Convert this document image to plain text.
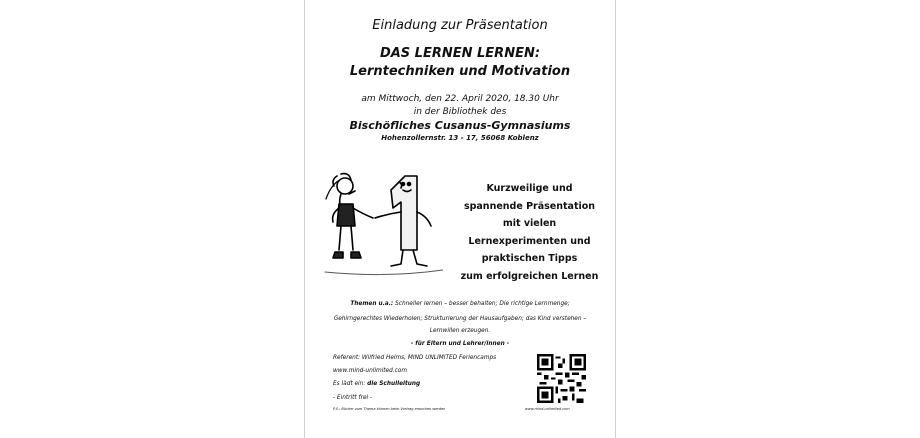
Einladung zur Präsentation
DAS LERNEN LERNEN:
Lerntechniken und Motivation
am Mittwoch, den 22. April 2020, 18.30 Uhr
in der Bibliothek des
Bischöfliches Cusanus-Gymnasiums
Hohenzollernstr. 13 - 17, 56068 Koblenz
Kurzweilige und
spannende Präsentation
mit vielen
Lernexperimenten und
praktischen Tipps
zum erfolgreichen Lernen
Themen u.a.: Schneller lernen – besser behalten; Die richtige Lernmenge;
Gehirngerechtes Wiederholen; Strukturierung der Hausaufgaben; das Kind verstehen –
Lernwillen erzeugen.
- für Eltern und Lehrer/innen -
Referent: Wilfried Helms, MIND UNLIMITED Feriencamps
www.mind-unlimited.com
Es lädt ein: die Schulleitung
- Eintritt frei -
P.S.: Bücher zum Thema können beim Vortrag erworben werden	www.mind-unlimited.com
